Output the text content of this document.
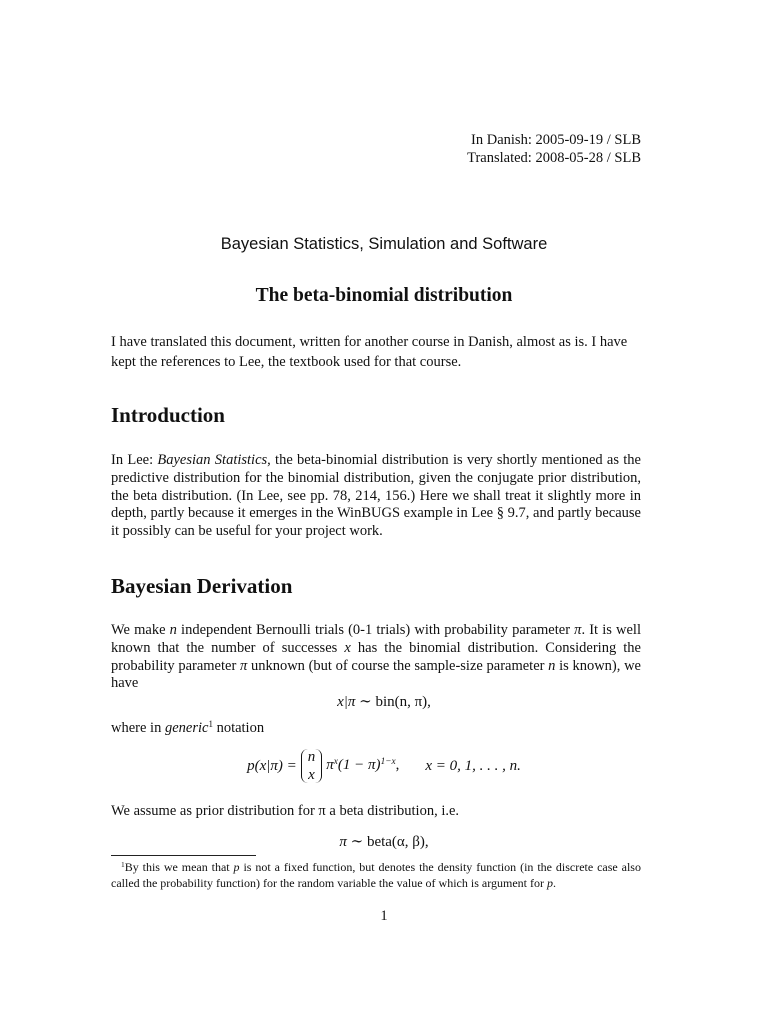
In Danish: 2005-09-19 / SLB
Translated: 2008-05-28 / SLB
Bayesian Statistics, Simulation and Software
The beta-binomial distribution
I have translated this document, written for another course in Danish, almost as is. I have kept the references to Lee, the textbook used for that course.
Introduction
In Lee: Bayesian Statistics, the beta-binomial distribution is very shortly mentioned as the predictive distribution for the binomial distribution, given the conjugate prior distribution, the beta distribution. (In Lee, see pp. 78, 214, 156.) Here we shall treat it slightly more in depth, partly because it emerges in the WinBUGS example in Lee § 9.7, and partly because it possibly can be useful for your project work.
Bayesian Derivation
We make n independent Bernoulli trials (0-1 trials) with probability parameter π. It is well known that the number of successes x has the binomial distribution. Considering the probability parameter π unknown (but of course the sample-size parameter n is known), we have
x|π ∼ bin(n, π),
where in generic$^1$ notation
p(x|π) =
n
x
$\pi^x(1 - \pi)^{1-x}$, x = 0, 1, . . . , n.
We assume as prior distribution for π a beta distribution, i.e.
π ∼ beta(α, β),
$^1$By this we mean that p is not a fixed function, but denotes the density function (in the discrete case also called the probability function) for the random variable the value of which is argument for p.
1
